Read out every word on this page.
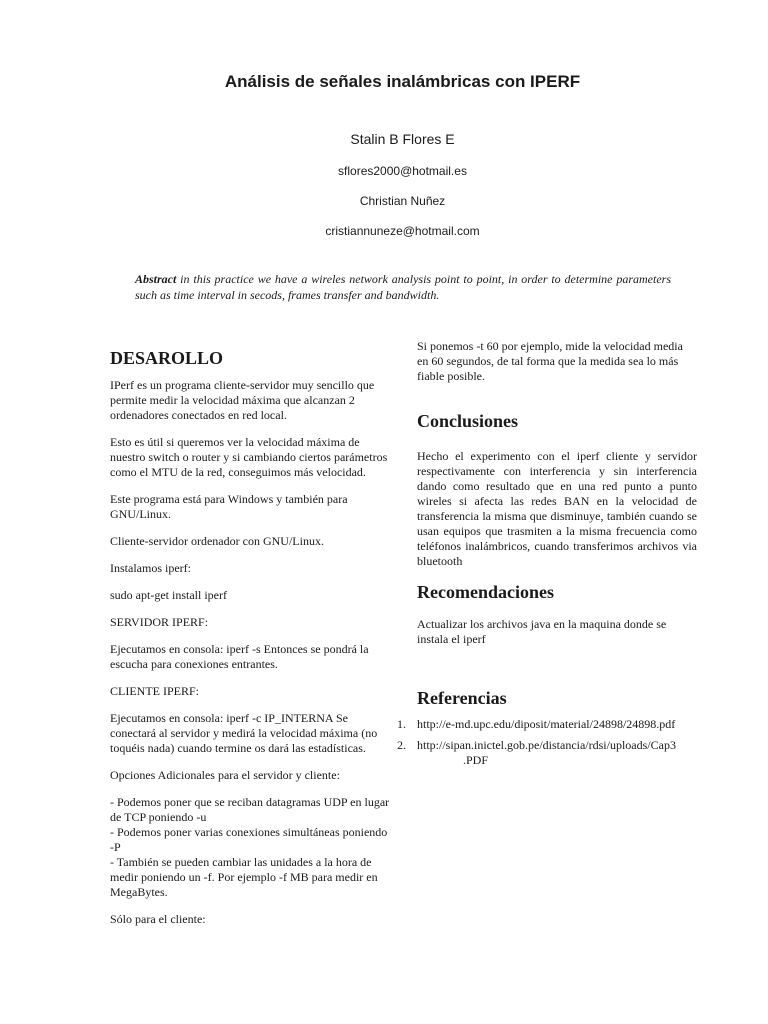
Análisis de señales inalámbricas con IPERF
Stalin B Flores E
sflores2000@hotmail.es
Christian Nuñez
cristiannuneze@hotmail.com
Abstract in this practice we have a wireles network analysis point to point, in order to determine parameters such as time interval in secods, frames transfer and bandwidth.
DESAROLLO

IPerf es un programa cliente-servidor muy sencillo que permite medir la velocidad máxima que alcanzan 2 ordenadores conectados en red local.

Esto es útil si queremos ver la velocidad máxima de nuestro switch o router y si cambiando ciertos parámetros como el MTU de la red, conseguimos más velocidad.

Este programa está para Windows y también para GNU/Linux.

Cliente-servidor ordenador con GNU/Linux.

Instalamos iperf:

sudo apt-get install iperf

SERVIDOR IPERF:

Ejecutamos en consola: iperf -s Entonces se pondrá la escucha para conexiones entrantes.

CLIENTE IPERF:

Ejecutamos en consola: iperf -c IP_INTERNA Se conectará al servidor y medirá la velocidad máxima (no toquéis nada) cuando termine os dará las estadísticas.

Opciones Adicionales para el servidor y cliente:

- Podemos poner que se reciban datagramas UDP en lugar de TCP poniendo -u
- Podemos poner varias conexiones simultáneas poniendo -P
- También se pueden cambiar las unidades a la hora de medir poniendo un -f. Por ejemplo -f MB para medir en MegaBytes.

Sólo para el cliente:

Si ponemos -t 60 por ejemplo, mide la velocidad media en 60 segundos, de tal forma que la medida sea lo más fiable posible.

Conclusiones

Hecho el experimento con el iperf cliente y servidor respectivamente con interferencia y sin interferencia dando como resultado que en una red punto a punto wireles si afecta las redes BAN en la velocidad de transferencia la misma que disminuye, también cuando se usan equipos que trasmiten a la misma frecuencia como teléfonos inalámbricos, cuando transferimos archivos via bluetooth

Recomendaciones

Actualizar los archivos java en la maquina donde se instala el iperf

Referencias
1. http://e-md.upc.edu/diposit/material/24898/24898.pdf
2. http://sipan.inictel.gob.pe/distancia/rdsi/uploads/Cap3
.PDF
